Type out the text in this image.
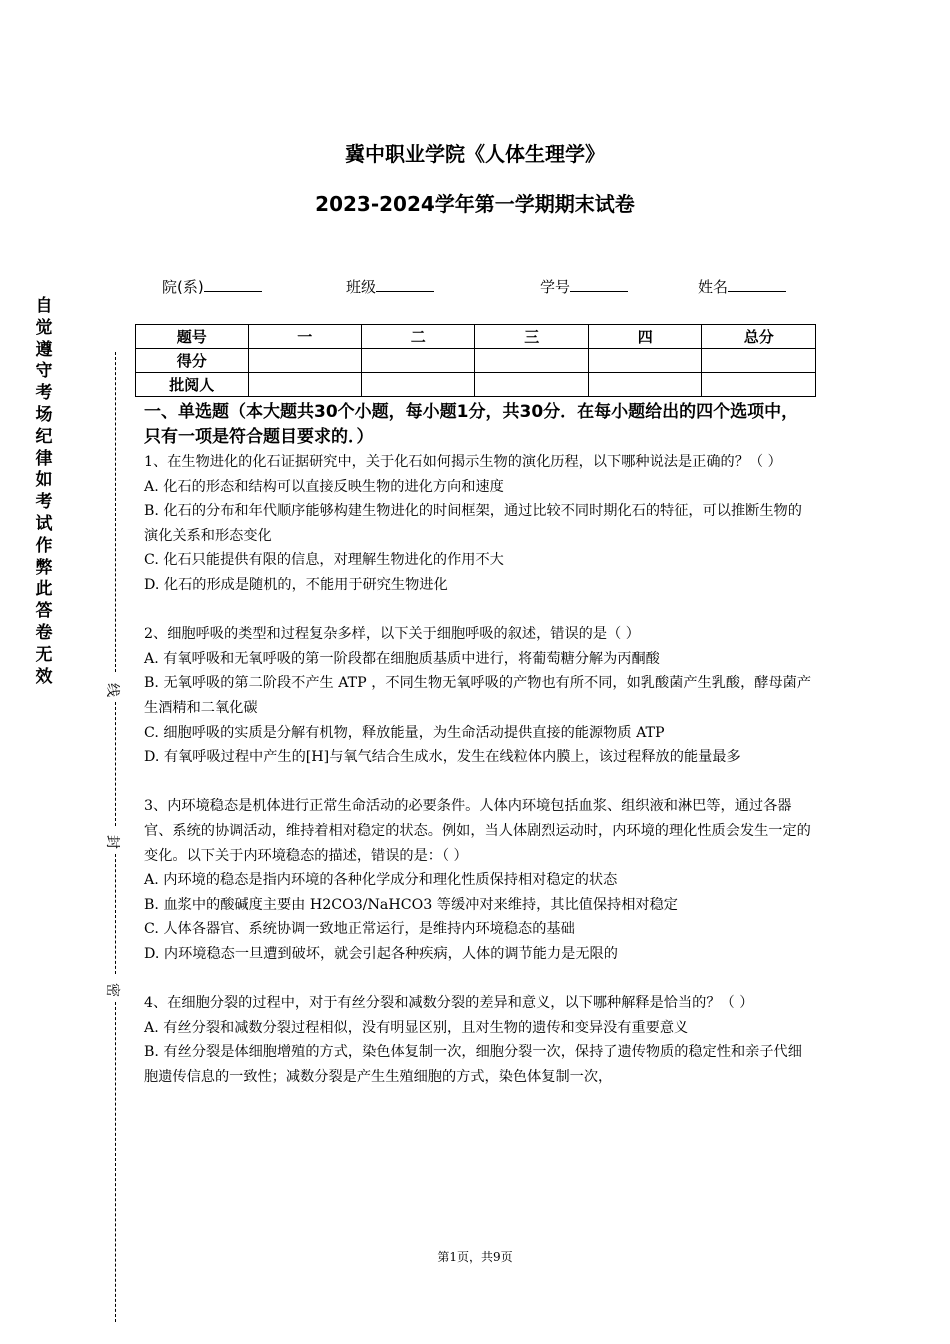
冀中职业学院《人体生理学》
2023-2024学年第一学期期末试卷
院(系)	班级	学号	姓名
题号	一	二	三	四	总分
得分					
批阅人					
自觉遵守考场纪律如考试作弊此答卷无效
线
封
密

一、单选题（本大题共30个小题，每小题1分，共30分．在每小题给出的四个选项中，只有一项是符合题目要求的．）

1、在生物进化的化石证据研究中，关于化石如何揭示生物的演化历程，以下哪种说法是正确的？（ ）

A. 化石的形态和结构可以直接反映生物的进化方向和速度

B. 化石的分布和年代顺序能够构建生物进化的时间框架，通过比较不同时期化石的特征，可以推断生物的演化关系和形态变化

C. 化石只能提供有限的信息，对理解生物进化的作用不大

D. 化石的形成是随机的，不能用于研究生物进化

2、细胞呼吸的类型和过程复杂多样，以下关于细胞呼吸的叙述，错误的是（ ）

A. 有氧呼吸和无氧呼吸的第一阶段都在细胞质基质中进行，将葡萄糖分解为丙酮酸

B. 无氧呼吸的第二阶段不产生 ATP ，不同生物无氧呼吸的产物也有所不同，如乳酸菌产生乳酸，酵母菌产生酒精和二氧化碳

C. 细胞呼吸的实质是分解有机物，释放能量，为生命活动提供直接的能源物质 ATP

D. 有氧呼吸过程中产生的[H]与氧气结合生成水，发生在线粒体内膜上，该过程释放的能量最多

3、内环境稳态是机体进行正常生命活动的必要条件。人体内环境包括血浆、组织液和淋巴等，通过各器官、系统的协调活动，维持着相对稳定的状态。例如，当人体剧烈运动时，内环境的理化性质会发生一定的变化。以下关于内环境稳态的描述，错误的是：（ ）

A. 内环境的稳态是指内环境的各种化学成分和理化性质保持相对稳定的状态

B. 血浆中的酸碱度主要由 H2CO3/NaHCO3 等缓冲对来维持，其比值保持相对稳定

C. 人体各器官、系统协调一致地正常运行，是维持内环境稳态的基础

D. 内环境稳态一旦遭到破坏，就会引起各种疾病，人体的调节能力是无限的

4、在细胞分裂的过程中，对于有丝分裂和减数分裂的差异和意义，以下哪种解释是恰当的？（ ）

A. 有丝分裂和减数分裂过程相似，没有明显区别，且对生物的遗传和变异没有重要意义

B. 有丝分裂是体细胞增殖的方式，染色体复制一次，细胞分裂一次，保持了遗传物质的稳定性和亲子代细胞遗传信息的一致性；减数分裂是产生生殖细胞的方式，染色体复制一次，

第1页，共9页
